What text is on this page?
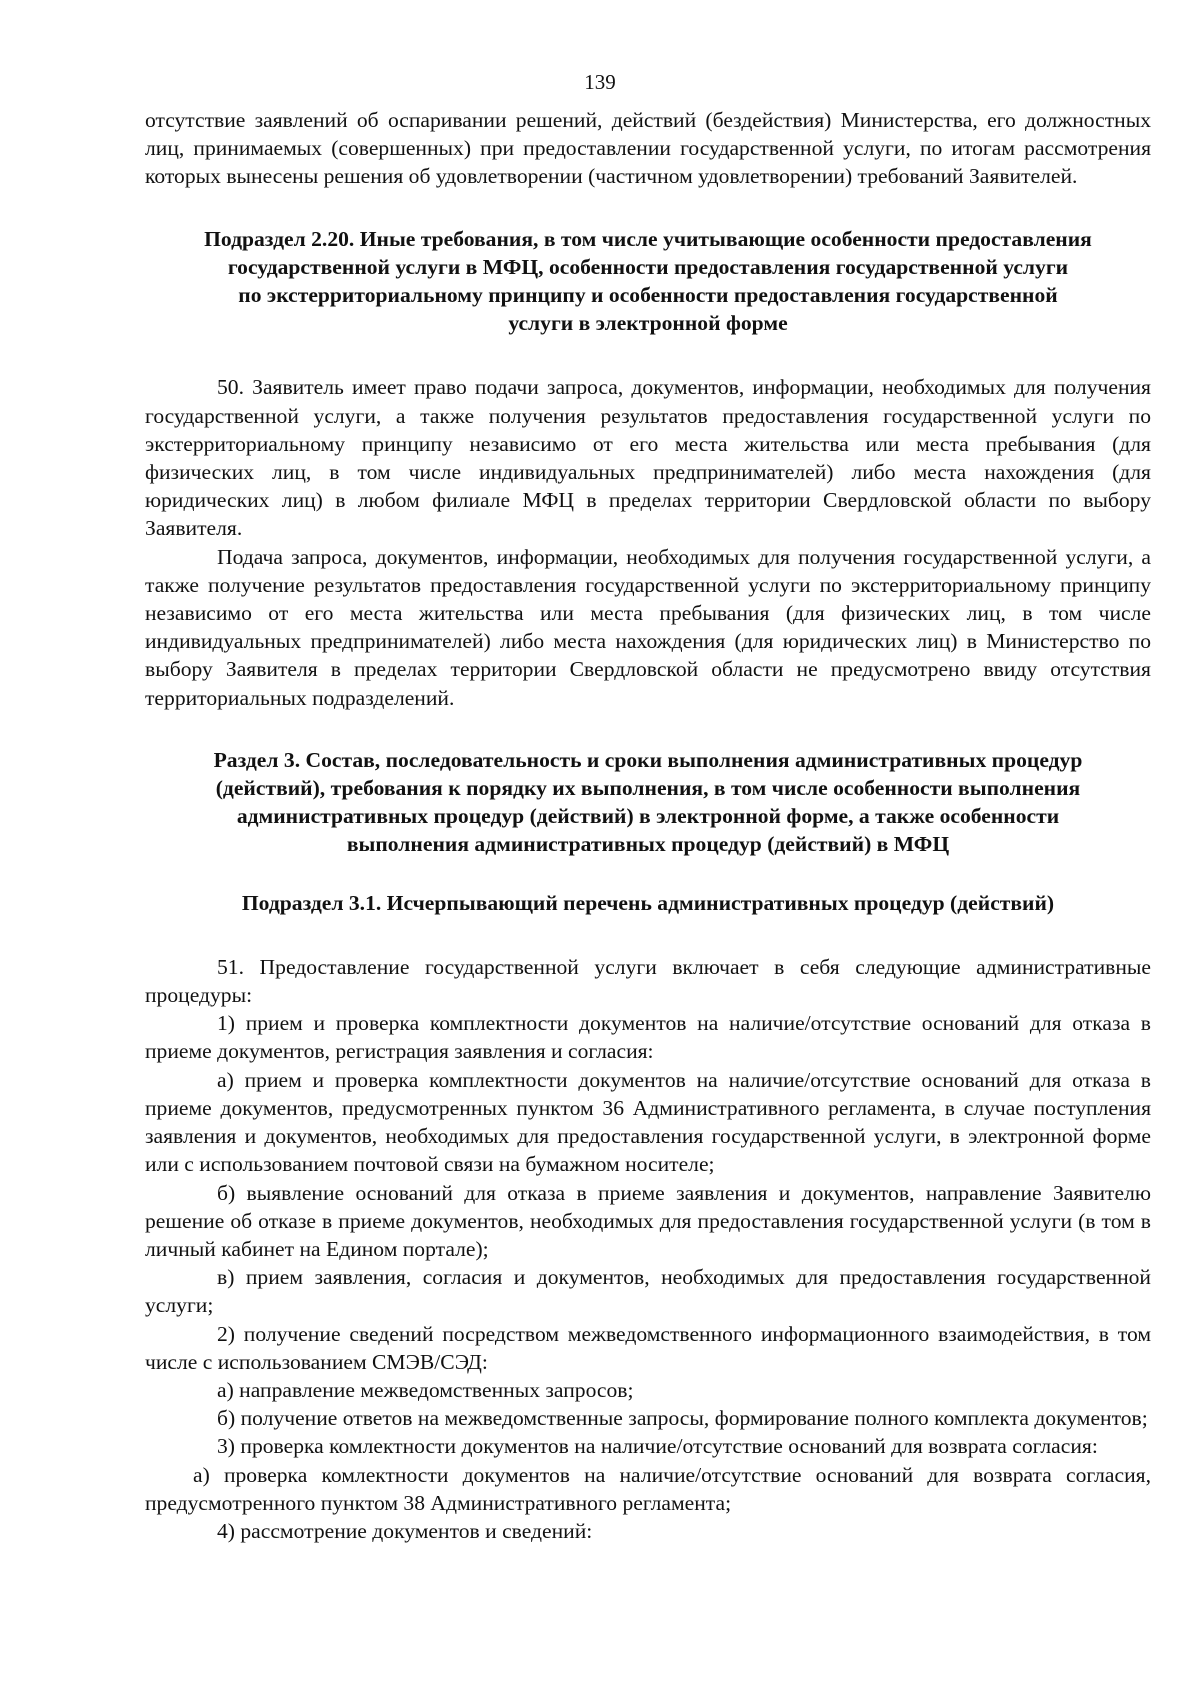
139

отсутствие заявлений об оспаривании решений, действий (бездействия) Министерства, его должностных лиц, принимаемых (совершенных) при предоставлении государственной услуги, по итогам рассмотрения которых вынесены решения об удовлетворении (частичном удовлетворении) требований Заявителей.

Подраздел 2.20. Иные требования, в том числе учитывающие особенности предоставления
государственной услуги в МФЦ, особенности предоставления государственной услуги
по экстерриториальному принципу и особенности предоставления государственной
услуги в электронной форме

50. Заявитель имеет право подачи запроса, документов, информации, необходимых для получения государственной услуги, а также получения результатов предоставления государственной услуги по экстерриториальному принципу независимо от его места жительства или места пребывания (для физических лиц, в том числе индивидуальных предпринимателей) либо места нахождения (для юридических лиц) в любом филиале МФЦ в пределах территории Свердловской области по выбору Заявителя.

Подача запроса, документов, информации, необходимых для получения государственной услуги, а также получение результатов предоставления государственной услуги по экстерриториальному принципу независимо от его места жительства или места пребывания (для физических лиц, в том числе индивидуальных предпринимателей) либо места нахождения (для юридических лиц) в Министерство по выбору Заявителя в пределах территории Свердловской области не предусмотрено ввиду отсутствия территориальных подразделений.

Раздел 3. Состав, последовательность и сроки выполнения административных процедур
(действий), требования к порядку их выполнения, в том числе особенности выполнения
административных процедур (действий) в электронной форме, а также особенности
выполнения административных процедур (действий) в МФЦ
Подраздел 3.1. Исчерпывающий перечень административных процедур (действий)

51. Предоставление государственной услуги включает в себя следующие административные процедуры:

1) прием и проверка комплектности документов на наличие/отсутствие оснований для отказа в приеме документов, регистрация заявления и согласия:

а) прием и проверка комплектности документов на наличие/отсутствие оснований для отказа в приеме документов, предусмотренных пунктом 36 Административного регламента, в случае поступления заявления и документов, необходимых для предоставления государственной услуги, в электронной форме или с использованием почтовой связи на бумажном носителе;

б) выявление оснований для отказа в приеме заявления и документов, направление Заявителю решение об отказе в приеме документов, необходимых для предоставления государственной услуги (в том в личный кабинет на Едином портале);

в) прием заявления, согласия и документов, необходимых для предоставления государственной услуги;

2) получение сведений посредством межведомственного информационного взаимодействия, в том числе с использованием СМЭВ/СЭД:

а) направление межведомственных запросов;

б) получение ответов на межведомственные запросы, формирование полного комплекта документов;

3) проверка комлектности документов на наличие/отсутствие оснований для возврата согласия:

а) проверка комлектности документов на наличие/отсутствие оснований для возврата согласия, предусмотренного пунктом 38 Административного регламента;

4) рассмотрение документов и сведений:
